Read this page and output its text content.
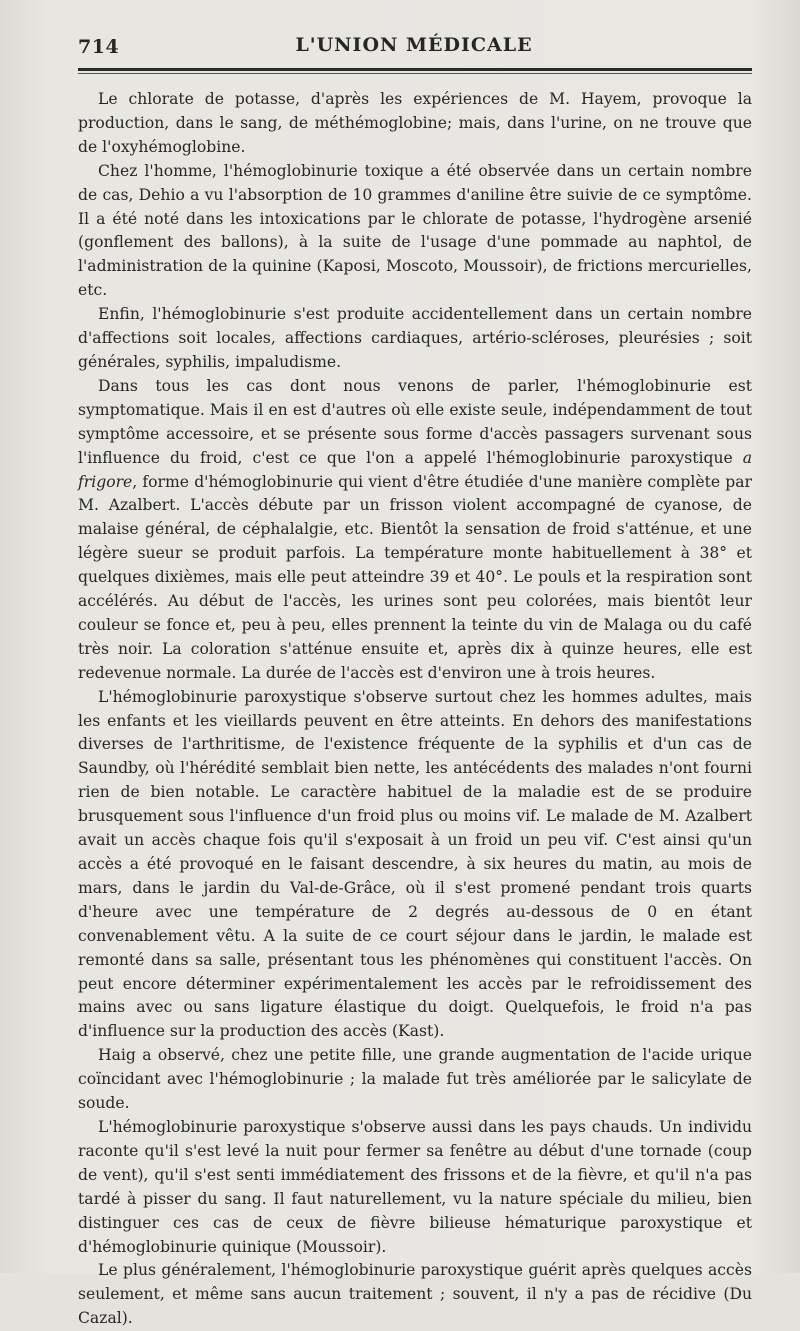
714	L'UNION MÉDICALE

Le chlorate de potasse, d'après les expériences de M. Hayem, provoque la production, dans le sang, de méthémoglobine; mais, dans l'urine, on ne trouve que de l'oxyhémoglobine.

Chez l'homme, l'hémoglobinurie toxique a été observée dans un certain nombre de cas, Dehio a vu l'absorption de 10 grammes d'aniline être suivie de ce symptôme. Il a été noté dans les intoxications par le chlorate de potasse, l'hydrogène arsenié (gonflement des ballons), à la suite de l'usage d'une pommade au naphtol, de l'administration de la quinine (Kaposi, Moscoto, Moussoir), de frictions mercurielles, etc.

Enfin, l'hémoglobinurie s'est produite accidentellement dans un certain nombre d'affections soit locales, affections cardiaques, artério-scléroses, pleurésies ; soit générales, syphilis, impaludisme.

Dans tous les cas dont nous venons de parler, l'hémoglobinurie est symptomatique. Mais il en est d'autres où elle existe seule, indépendamment de tout symptôme accessoire, et se présente sous forme d'accès passagers survenant sous l'influence du froid, c'est ce que l'on a appelé l'hémoglobinurie paroxystique a frigore, forme d'hémoglobinurie qui vient d'être étudiée d'une manière complète par M. Azalbert. L'accès débute par un frisson violent accompagné de cyanose, de malaise général, de céphalalgie, etc. Bientôt la sensation de froid s'atténue, et une légère sueur se produit parfois. La température monte habituellement à 38° et quelques dixièmes, mais elle peut atteindre 39 et 40°. Le pouls et la respiration sont accélérés. Au début de l'accès, les urines sont peu colorées, mais bientôt leur couleur se fonce et, peu à peu, elles prennent la teinte du vin de Malaga ou du café très noir. La coloration s'atténue ensuite et, après dix à quinze heures, elle est redevenue normale. La durée de l'accès est d'environ une à trois heures.

L'hémoglobinurie paroxystique s'observe surtout chez les hommes adultes, mais les enfants et les vieillards peuvent en être atteints. En dehors des manifestations diverses de l'arthritisme, de l'existence fréquente de la syphilis et d'un cas de Saundby, où l'hérédité semblait bien nette, les antécédents des malades n'ont fourni rien de bien notable. Le caractère habituel de la maladie est de se produire brusquement sous l'influence d'un froid plus ou moins vif. Le malade de M. Azalbert avait un accès chaque fois qu'il s'exposait à un froid un peu vif. C'est ainsi qu'un accès a été provoqué en le faisant descendre, à six heures du matin, au mois de mars, dans le jardin du Val-de-Grâce, où il s'est promené pendant trois quarts d'heure avec une température de 2 degrés au-dessous de 0 en étant convenablement vêtu. A la suite de ce court séjour dans le jardin, le malade est remonté dans sa salle, présentant tous les phénomènes qui constituent l'accès. On peut encore déterminer expérimentalement les accès par le refroidissement des mains avec ou sans ligature élastique du doigt. Quelquefois, le froid n'a pas d'influence sur la production des accès (Kast).

Haig a observé, chez une petite fille, une grande augmentation de l'acide urique coïncidant avec l'hémoglobinurie ; la malade fut très améliorée par le salicylate de soude.

L'hémoglobinurie paroxystique s'observe aussi dans les pays chauds. Un individu raconte qu'il s'est levé la nuit pour fermer sa fenêtre au début d'une tornade (coup de vent), qu'il s'est senti immédiatement des frissons et de la fièvre, et qu'il n'a pas tardé à pisser du sang. Il faut naturellement, vu la nature spéciale du milieu, bien distinguer ces cas de ceux de fièvre bilieuse hématurique paroxystique et d'hémoglobinurie quinique (Moussoir).

Le plus généralement, l'hémoglobinurie paroxystique guérit après quelques accès seulement, et même sans aucun traitement ; souvent, il n'y a pas de récidive (Du Cazal).
